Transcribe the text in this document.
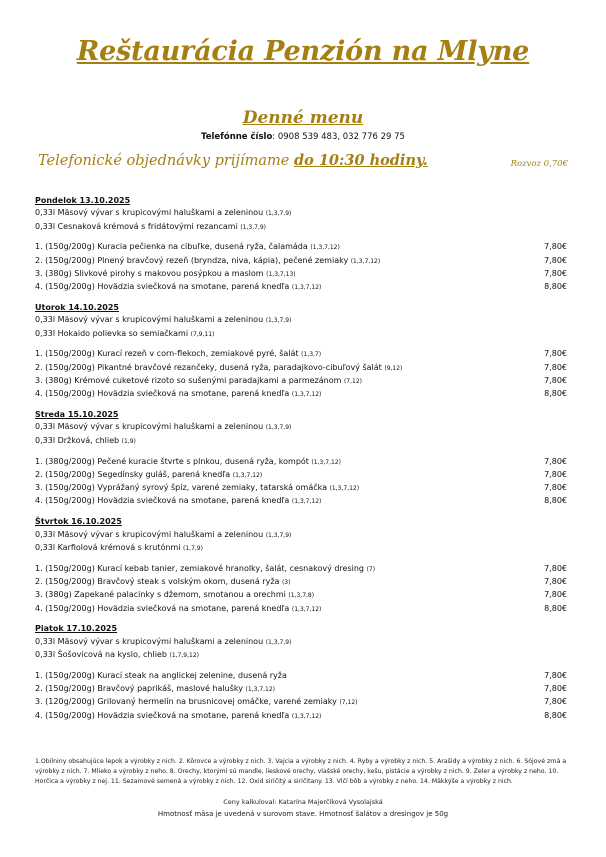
Reštaurácia Penzión na Mlyne
Denné menu
Telefónne číslo: 0908 539 483, 032 776 29 75
Telefonické objednávky prijímame do 10:30 hodiny.	Rozvoz 0,70€
Pondelok 13.10.2025
0,33l Mäsový vývar s krupicovými haluškami a zeleninou (1,3,7,9)
0,33l Cesnaková krémová s fridátovými rezancami (1,3,7,9)
1. (150g/200g) Kuracia pečienka na cibuľke, dusená ryža, čalamáda (1,3,7,12)	7,80€
2. (150g/200g) Plnený bravčový rezeň (bryndza, niva, kápia), pečené zemiaky (1,3,7,12)	7,80€
3. (380g) Slivkové pirohy s makovou posýpkou a maslom (1,3,7,13)	7,80€
4. (150g/200g) Hovädzia sviečková na smotane, parená knedľa (1,3,7,12)	8,80€
Utorok 14.10.2025
0,33l Mäsový vývar s krupicovými haluškami a zeleninou (1,3,7,9)
0,33l Hokaido polievka so semiačkami (7,9,11)
1. (150g/200g) Kurací rezeň v corn-flekoch, zemiakové pyré, šalát (1,3,7)	7,80€
2. (150g/200g) Pikantné bravčové rezančeky, dusená ryža, paradajkovo-cibuľový šalát (9,12)	7,80€
3. (380g) Krémové cuketové rizoto so sušenými paradajkami a parmezánom (7,12)	7,80€
4. (150g/200g) Hovädzia sviečková na smotane, parená knedľa (1,3,7,12)	8,80€
Streda 15.10.2025
0,33l Mäsový vývar s krupicovými haluškami a zeleninou (1,3,7,9)
0,33l Držková, chlieb (1,9)
1. (380g/200g) Pečené kuracie štvrte s plnkou, dusená ryža, kompót (1,3,7,12)	7,80€
2. (150g/200g) Segedínsky guláš, parená knedľa (1,3,7,12)	7,80€
3. (150g/200g) Vyprážaný syrový špíz, varené zemiaky, tatarská omáčka (1,3,7,12)	7,80€
4. (150g/200g) Hovädzia sviečková na smotane, parená knedľa (1,3,7,12)	8,80€
Štvrtok 16.10.2025
0,33l Mäsový vývar s krupicovými haluškami a zeleninou (1,3,7,9)
0,33l Karfiolová krémová s krutónmi (1,7,9)
1. (150g/200g) Kurací kebab tanier, zemiakové hranolky, šalát, cesnakový dresing (7)	7,80€
2. (150g/200g) Bravčový steak s volským okom, dusená ryža (3)	7,80€
3. (380g) Zapekané palacinky s džemom, smotanou a orechmi (1,3,7,8)	7,80€
4. (150g/200g) Hovädzia sviečková na smotane, parená knedľa (1,3,7,12)	8,80€
Piatok 17.10.2025
0,33l Mäsový vývar s krupicovými haluškami a zeleninou (1,3,7,9)
0,33l Šošovicová na kyslo, chlieb (1,7,9,12)
1. (150g/200g) Kurací steak na anglickej zelenine, dusená ryža	7,80€
2. (150g/200g) Bravčový paprikáš, maslové halušky (1,3,7,12)	7,80€
3. (120g/200g) Grilovaný hermelín na brusnicovej omáčke, varené zemiaky (7,12)	7,80€
4. (150g/200g) Hovädzia sviečková na smotane, parená knedľa (1,3,7,12)	8,80€
1.Obilniny obsahujúce lepok a výrobky z nich. 2. Kôrovce a výrobky z nich. 3. Vajcia a výrobky z nich. 4. Ryby a výrobky z nich. 5. Arašidy a výrobky z nich. 6. Sójové zrná a výrobky z nich. 7. Mlieko a výrobky z neho. 8. Orechy, ktorými sú mandle, lieskové orechy, vlašské orechy, kešu, pistácie a výrobky z nich. 9. Zeler a výrobky z neho. 10. Horčica a výrobky z nej. 11. Sezamové semená a výrobky z nich. 12. Oxid siričitý a siričitany. 13. Vlčí bôb a výrobky z neho. 14. Mäkkýše a výrobky z nich.
Ceny kalkuloval: Katarína Majerčíková Vysolajská
Hmotnosť mäsa je uvedená v surovom stave. Hmotnosť šalátov a dresingov je 50g
